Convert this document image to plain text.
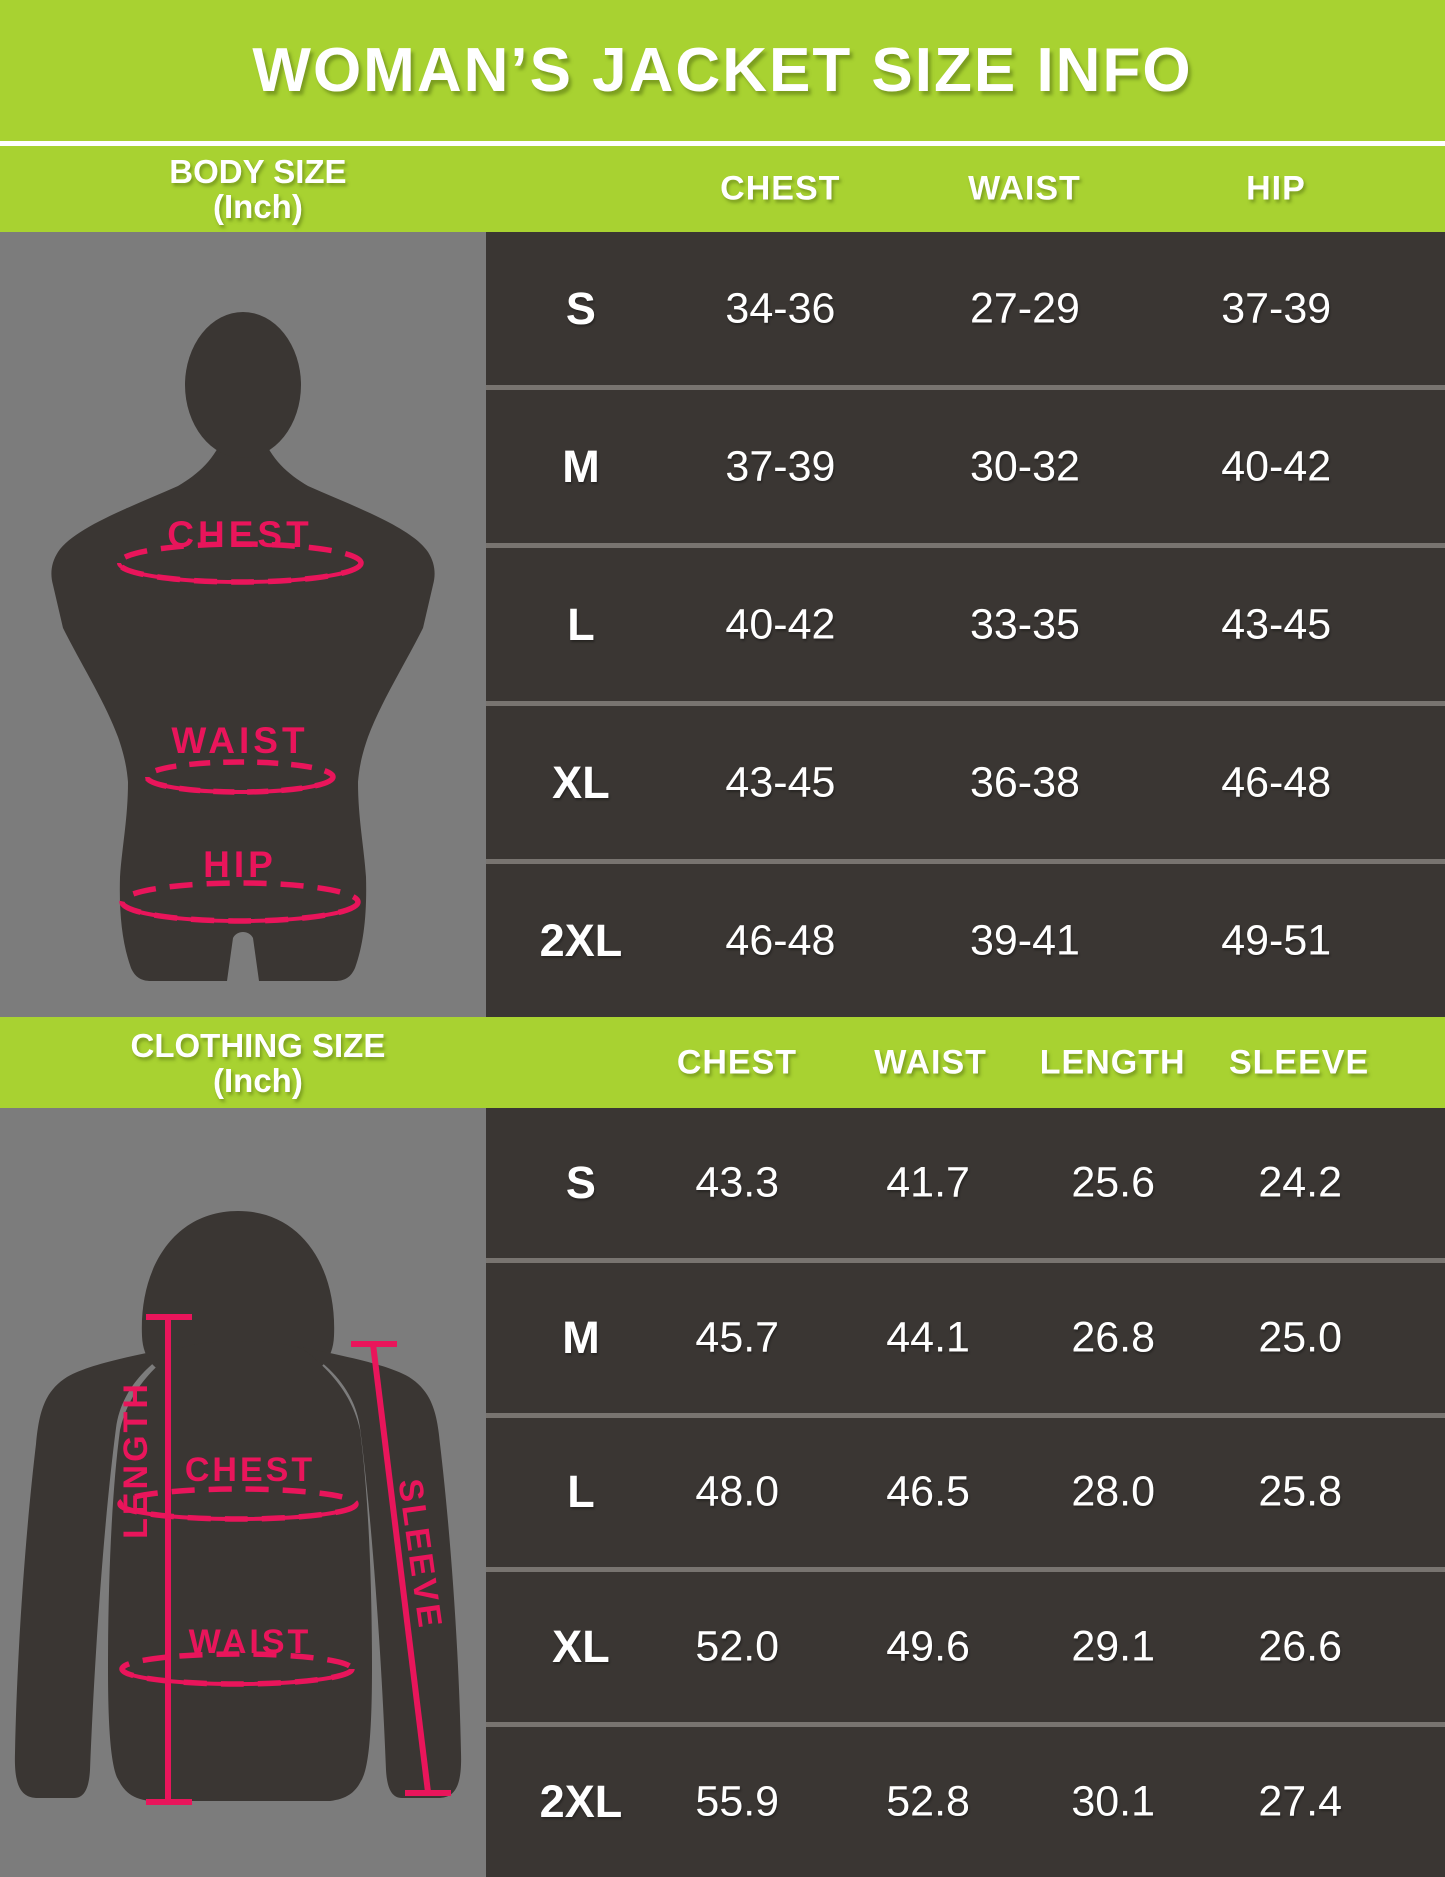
WOMAN’S JACKET SIZE INFO
BODY SIZE
(Inch)	CHEST	WAIST	HIP
CHEST
WAIST
HIP
S	34-36	27-29	37-39
M	37-39	30-32	40-42
L	40-42	33-35	43-45
XL	43-45	36-38	46-48
2XL 46-48	39-41	49-51
CLOTHING SIZE
(Inch)	CHEST WAIST LENGTH SLEEVE
LENGTH CHEST
WAIST
SLEEVE
S 43.3 41.7 25.6 24.2
M 45.7 44.1 26.8 25.0
L 48.0 46.5 28.0 25.8
XL 52.0 49.6 29.1 26.6
2XL 55.9 52.8 30.1 27.4
